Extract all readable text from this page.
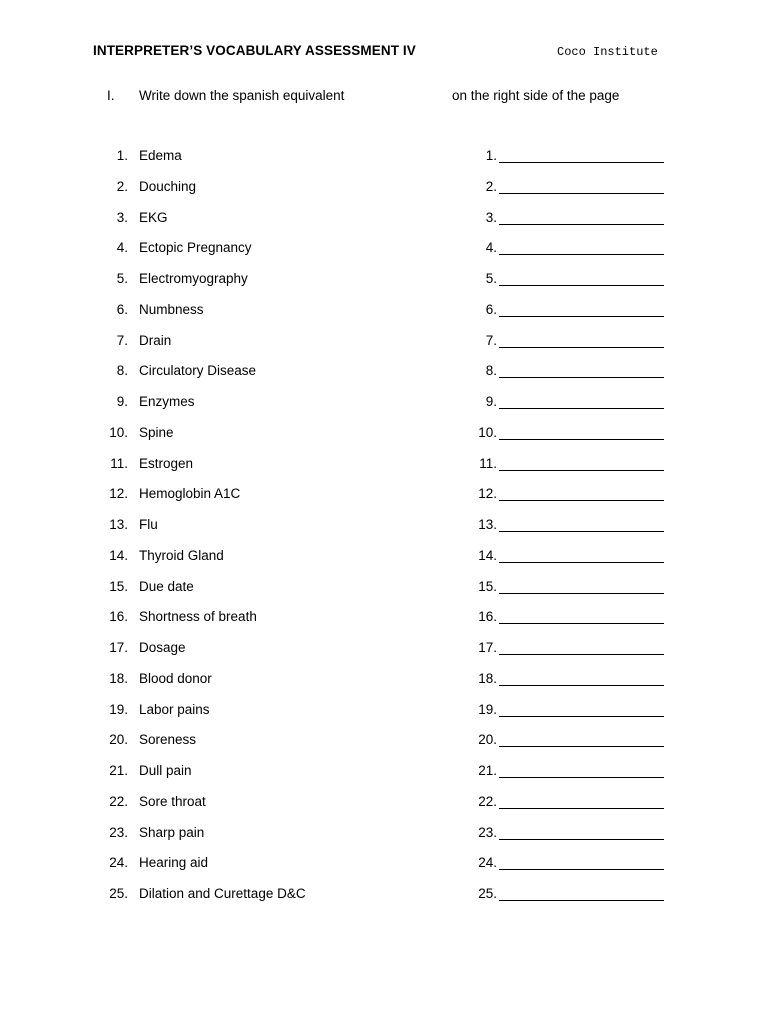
INTERPRETER’S VOCABULARY ASSESSMENT IV	Coco Institute
I. Write down the spanish equivalent	on the right side of the page
1. Edema	1.
2. Douching	2.
3. EKG	3.
4. Ectopic Pregnancy	4.
5. Electromyography	5.
6. Numbness	6.
7. Drain	7.
8. Circulatory Disease	8.
9. Enzymes	9.
10. Spine	10.
11. Estrogen	11.
12. Hemoglobin A1C	12.
13. Flu	13.
14. Thyroid Gland	14.
15. Due date	15.
16. Shortness of breath	16.
17. Dosage	17.
18. Blood donor	18.
19. Labor pains	19.
20. Soreness	20.
21. Dull pain	21.
22. Sore throat	22.
23. Sharp pain	23.
24. Hearing aid	24.
25. Dilation and Curettage D&C	25.
